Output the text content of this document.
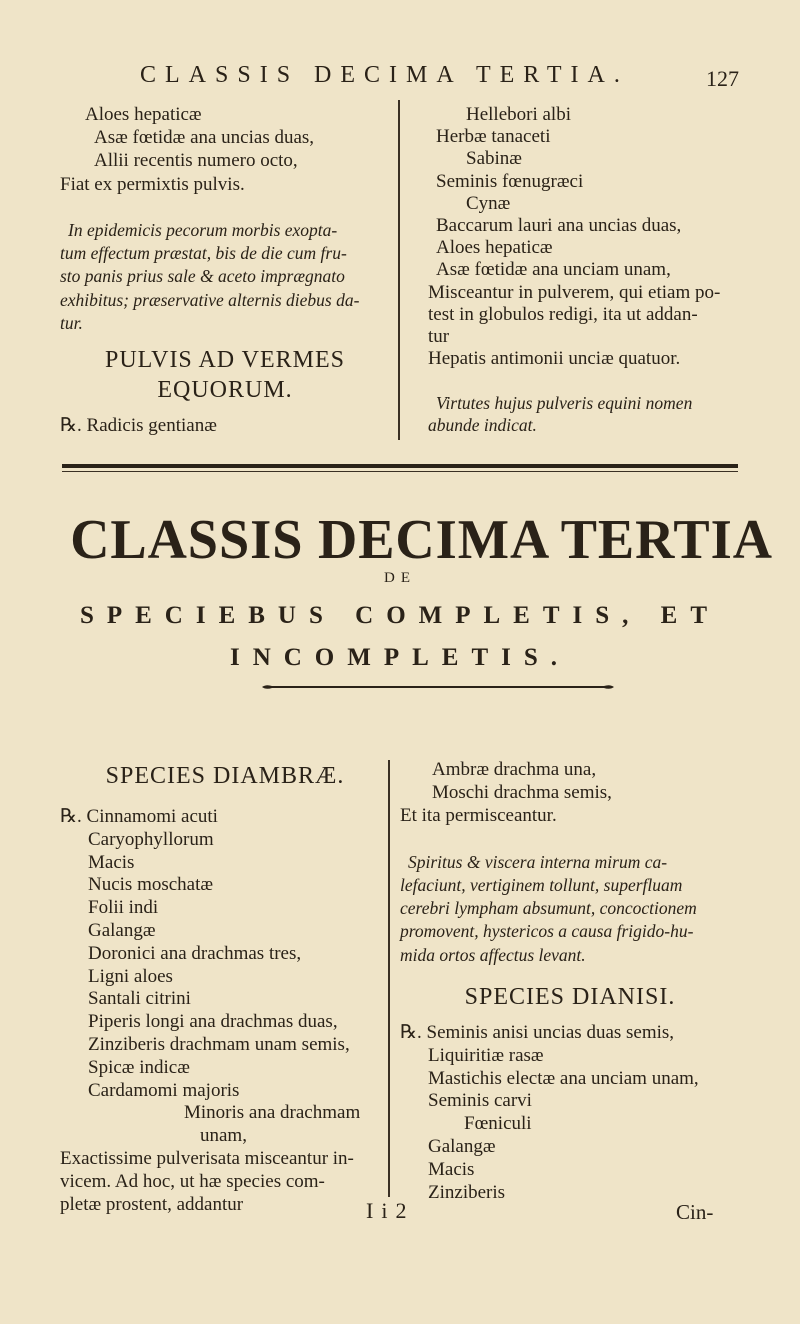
CLASSIS DECIMA TERTIA.	127
Aloes hepaticæ
Asæ fœtidæ ana uncias duas,
Allii recentis numero octo,
Fiat ex permixtis pulvis.
In epidemicis pecorum morbis exopta-
tum effectum præstat, bis de die cum fru-
sto panis prius sale & aceto imprægnato
exhibitus; præservative alternis diebus da-
tur.
PULVIS AD VERMES
EQUORUM.
℞. Radicis gentianæ
Hellebori albi
Herbæ tanaceti
Sabinæ
Seminis fœnugræci
Cynæ
Baccarum lauri ana uncias duas,
Aloes hepaticæ
Asæ fœtidæ ana unciam unam,
Misceantur in pulverem, qui etiam po-
test in globulos redigi, ita ut addan-
tur
Hepatis antimonii unciæ quatuor.
Virtutes hujus pulveris equini nomen
abunde indicat.
CLASSIS DECIMA TERTIA
DE
SPECIEBUS COMPLETIS, ET
INCOMPLETIS.
SPECIES DIAMBRÆ.
℞. Cinnamomi acuti
Caryophyllorum
Macis
Nucis moschatæ
Folii indi
Galangæ
Doronici ana drachmas tres,
Ligni aloes
Santali citrini
Piperis longi ana drachmas duas,
Zinziberis drachmam unam semis,
Spicæ indicæ
Cardamomi majoris
Minoris ana drachmam
unam,
Exactissime pulverisata misceantur in-
vicem. Ad hoc, ut hæ species com-
pletæ prostent, addantur
Ambræ drachma una,
Moschi drachma semis,
Et ita permisceantur.
Spiritus & viscera interna mirum ca-
lefaciunt, vertiginem tollunt, superfluam
cerebri lympham absumunt, concoctionem
promovent, hystericos a causa frigido-hu-
mida ortos affectus levant.
SPECIES DIANISI.
℞. Seminis anisi uncias duas semis,
Liquiritiæ rasæ
Mastichis electæ ana unciam unam,
Seminis carvi
Fœniculi
Galangæ
Macis
Zinziberis
Ii2	Cin-
